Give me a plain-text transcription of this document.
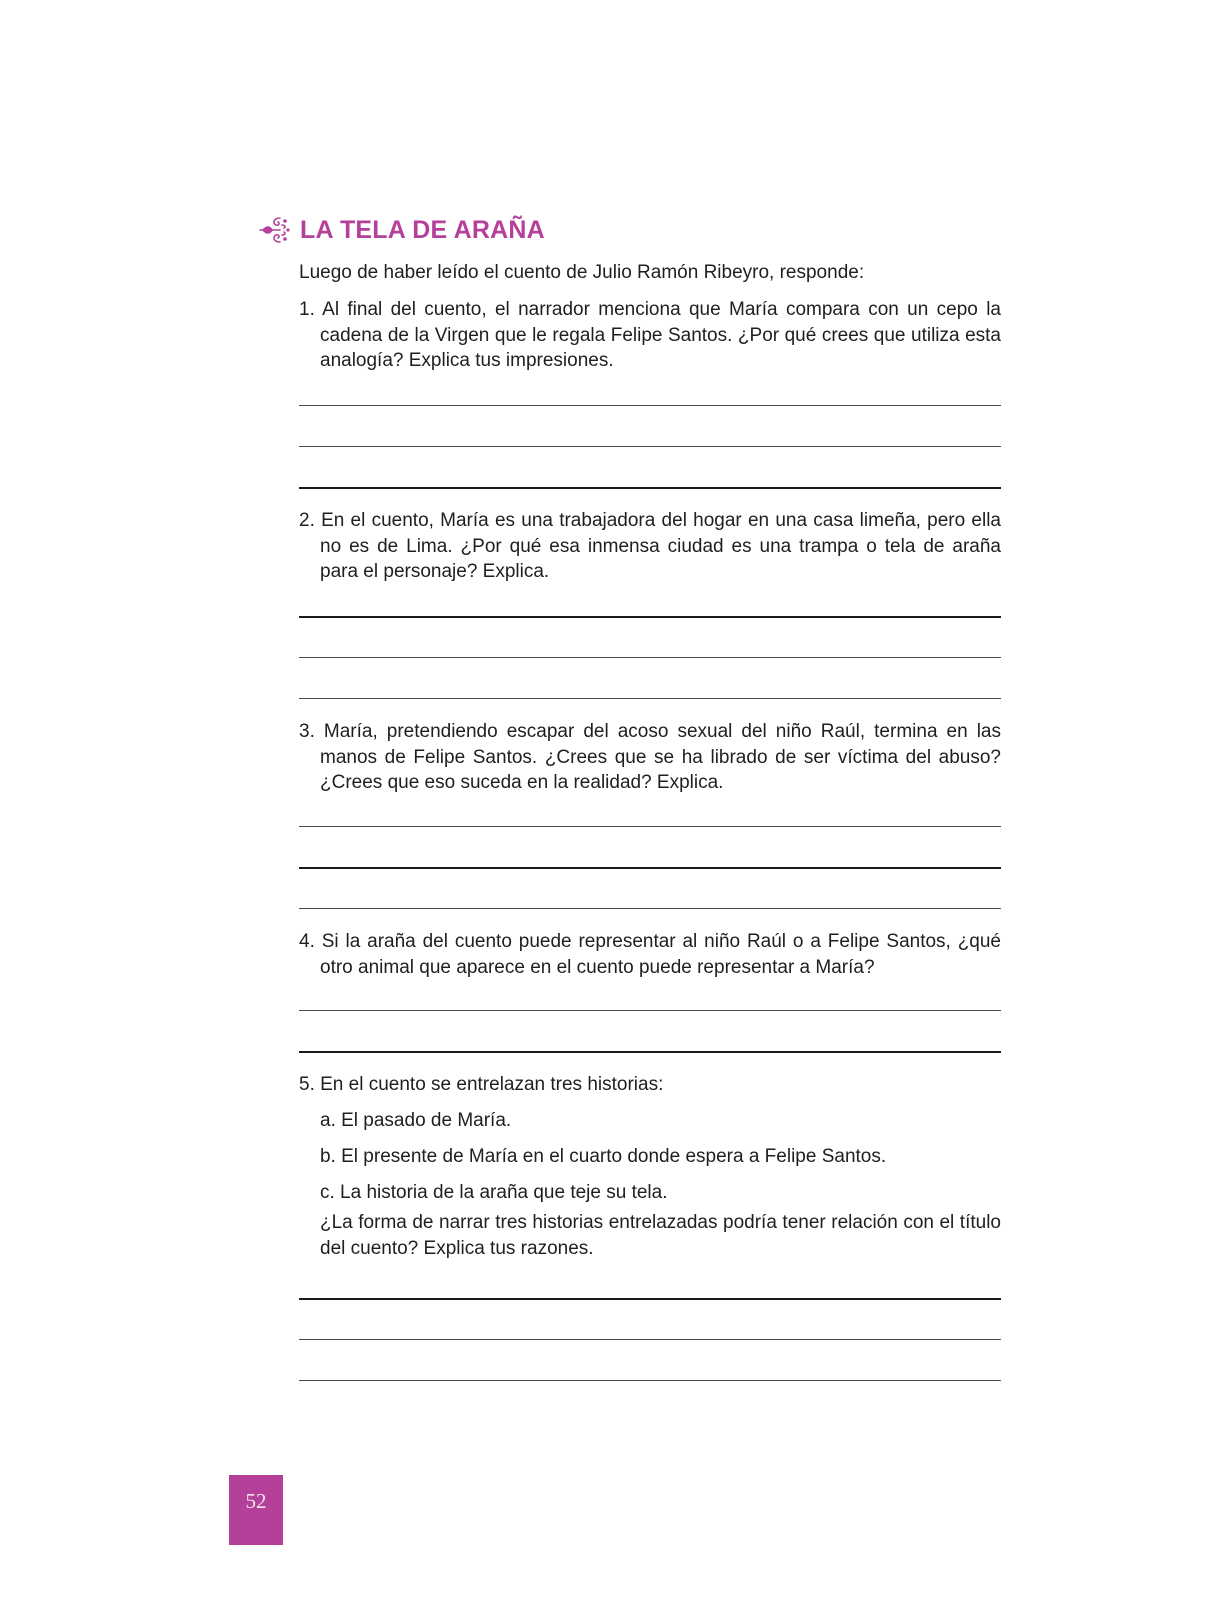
LA TELA DE ARAÑA
Luego de haber leído el cuento de Julio Ramón Ribeyro, responde:
1. Al final del cuento, el narrador menciona que María compara con un cepo la cadena de la Virgen que le regala Felipe Santos. ¿Por qué crees que utiliza esta analogía? Explica tus impresiones.
2. En el cuento, María es una trabajadora del hogar en una casa limeña, pero ella no es de Lima. ¿Por qué esa inmensa ciudad es una trampa o tela de araña para el personaje? Explica.
3. María, pretendiendo escapar del acoso sexual del niño Raúl, termina en las manos de Felipe Santos. ¿Crees que se ha librado de ser víctima del abuso? ¿Crees que eso suceda en la realidad? Explica.
4. Si la araña del cuento puede representar al niño Raúl o a Felipe Santos, ¿qué otro animal que aparece en el cuento puede representar a María?
5. En el cuento se entrelazan tres historias:
a. El pasado de María.
b. El presente de María en el cuarto donde espera a Felipe Santos.
c. La historia de la araña que teje su tela.
¿La forma de narrar tres historias entrelazadas podría tener relación con el título del cuento? Explica tus razones.
52
